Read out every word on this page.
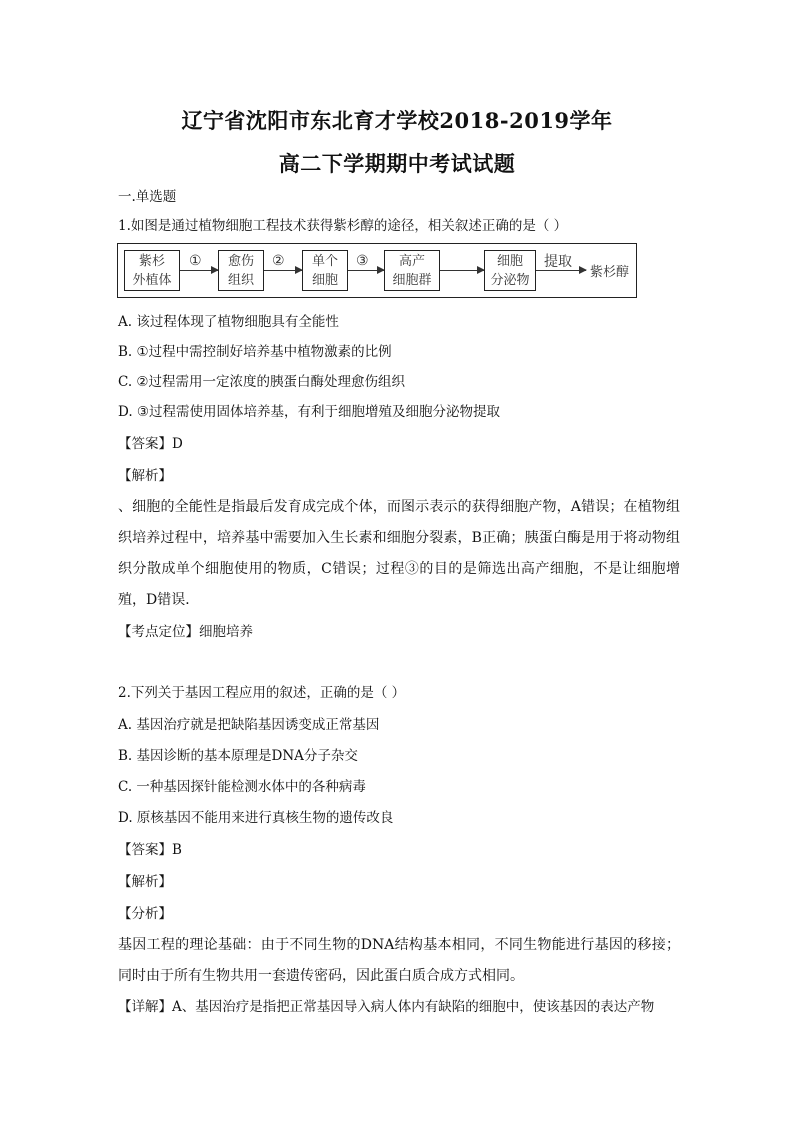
辽宁省沈阳市东北育才学校2018-2019学年
高二下学期期中考试试题
一.单选题
1.如图是通过植物细胞工程技术获得紫杉醇的途径，相关叙述正确的是（ ）
紫杉
外植体
①	愈伤
组织
②	单个
细胞
③	高产
细胞群
细胞
分泌物
提取
紫杉醇
A. 该过程体现了植物细胞具有全能性
B. ①过程中需控制好培养基中植物激素的比例
C. ②过程需用一定浓度的胰蛋白酶处理愈伤组织
D. ③过程需使用固体培养基，有利于细胞增殖及细胞分泌物提取
【答案】D
【解析】
、细胞的全能性是指最后发育成完成个体，而图示表示的获得细胞产物，A错误；在植物组织培养过程中，培养基中需要加入生长素和细胞分裂素，B正确；胰蛋白酶是用于将动物组织分散成单个细胞使用的物质，C错误；过程③的目的是筛选出高产细胞，不是让细胞增殖，D错误．
【考点定位】细胞培养
2.下列关于基因工程应用的叙述，正确的是（ ）
A. 基因治疗就是把缺陷基因诱变成正常基因
B. 基因诊断的基本原理是DNA分子杂交
C. 一种基因探针能检测水体中的各种病毒
D. 原核基因不能用来进行真核生物的遗传改良
【答案】B
【解析】
【分析】
基因工程的理论基础：由于不同生物的DNA结构基本相同，不同生物能进行基因的移接；同时由于所有生物共用一套遗传密码，因此蛋白质合成方式相同。
【详解】A、基因治疗是指把正常基因导入病人体内有缺陷的细胞中，使该基因的表达产物
